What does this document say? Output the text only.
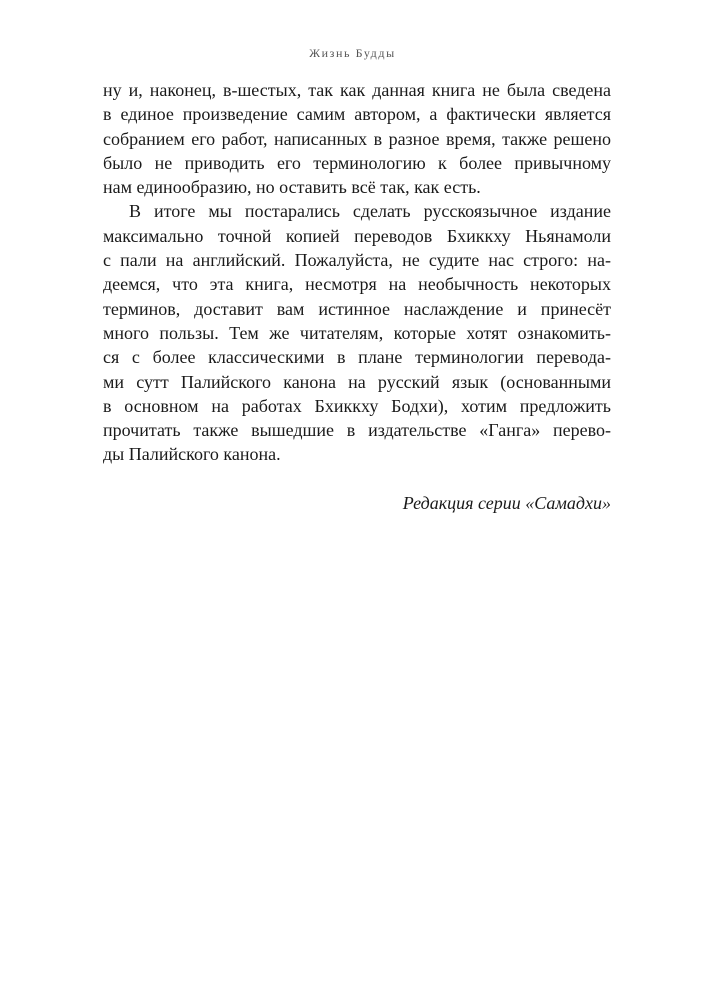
Жизнь Будды
ну и, наконец, в-шестых, так как данная книга не была сведена
в единое произведение самим автором, а фактически является
собранием его работ, написанных в разное время, также решено
было не приводить его терминологию к более привычному
нам единообразию, но оставить всё так, как есть.
В итоге мы постарались сделать русскоязычное издание
максимально точной копией переводов Бхиккху Ньянамоли
с пали на английский. Пожалуйста, не судите нас строго: на-
деемся, что эта книга, несмотря на необычность некоторых
терминов, доставит вам истинное наслаждение и принесёт
много пользы. Тем же читателям, которые хотят ознакомить-
ся с более классическими в плане терминологии перевода-
ми сутт Палийского канона на русский язык (основанными
в основном на работах Бхиккху Бодхи), хотим предложить
прочитать также вышедшие в издательстве «Ганга» перево-
ды Палийского канона.
Редакция серии «Самадхи»
